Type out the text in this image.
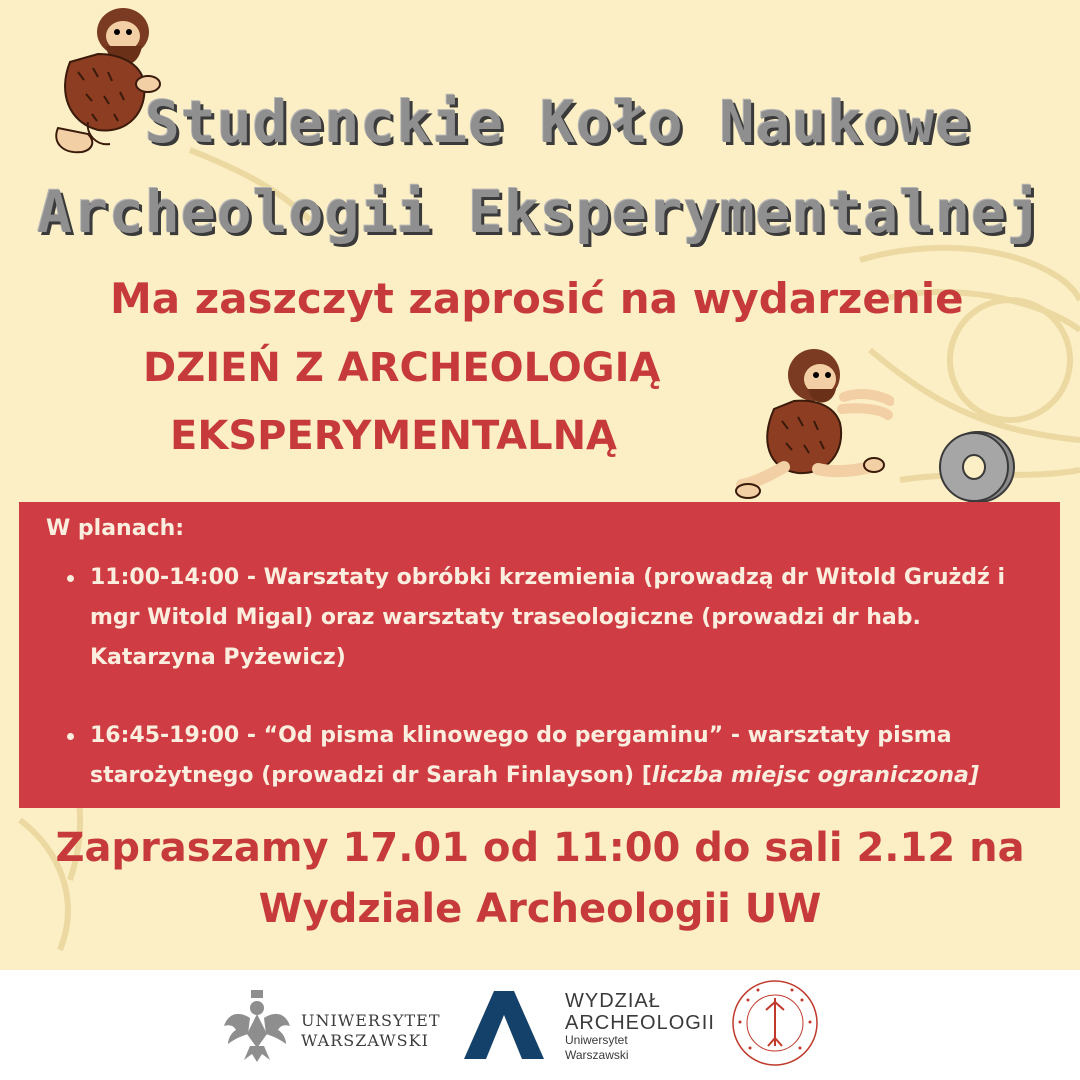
Studenckie Koło Naukowe
Archeologii Eksperymentalnej
Ma zaszczyt zaprosić na wydarzenie
DZIEŃ Z ARCHEOLOGIĄ
EKSPERYMENTALNĄ
W planach:
11:00-14:00 - Warsztaty obróbki krzemienia (prowadzą dr Witold Grużdź i mgr Witold Migal) oraz warsztaty traseologiczne (prowadzi dr hab. Katarzyna Pyżewicz)
16:45-19:00 - “Od pisma klinowego do pergaminu” - warsztaty pisma starożytnego (prowadzi dr Sarah Finlayson) [liczba miejsc ograniczona]
Zapraszamy 17.01 od 11:00 do sali 2.12 na
Wydziale Archeologii UW
UNIWERSYTET
WARSZAWSKI
WYDZIAŁ
ARCHEOLOGII
Uniwersytet
Warszawski
